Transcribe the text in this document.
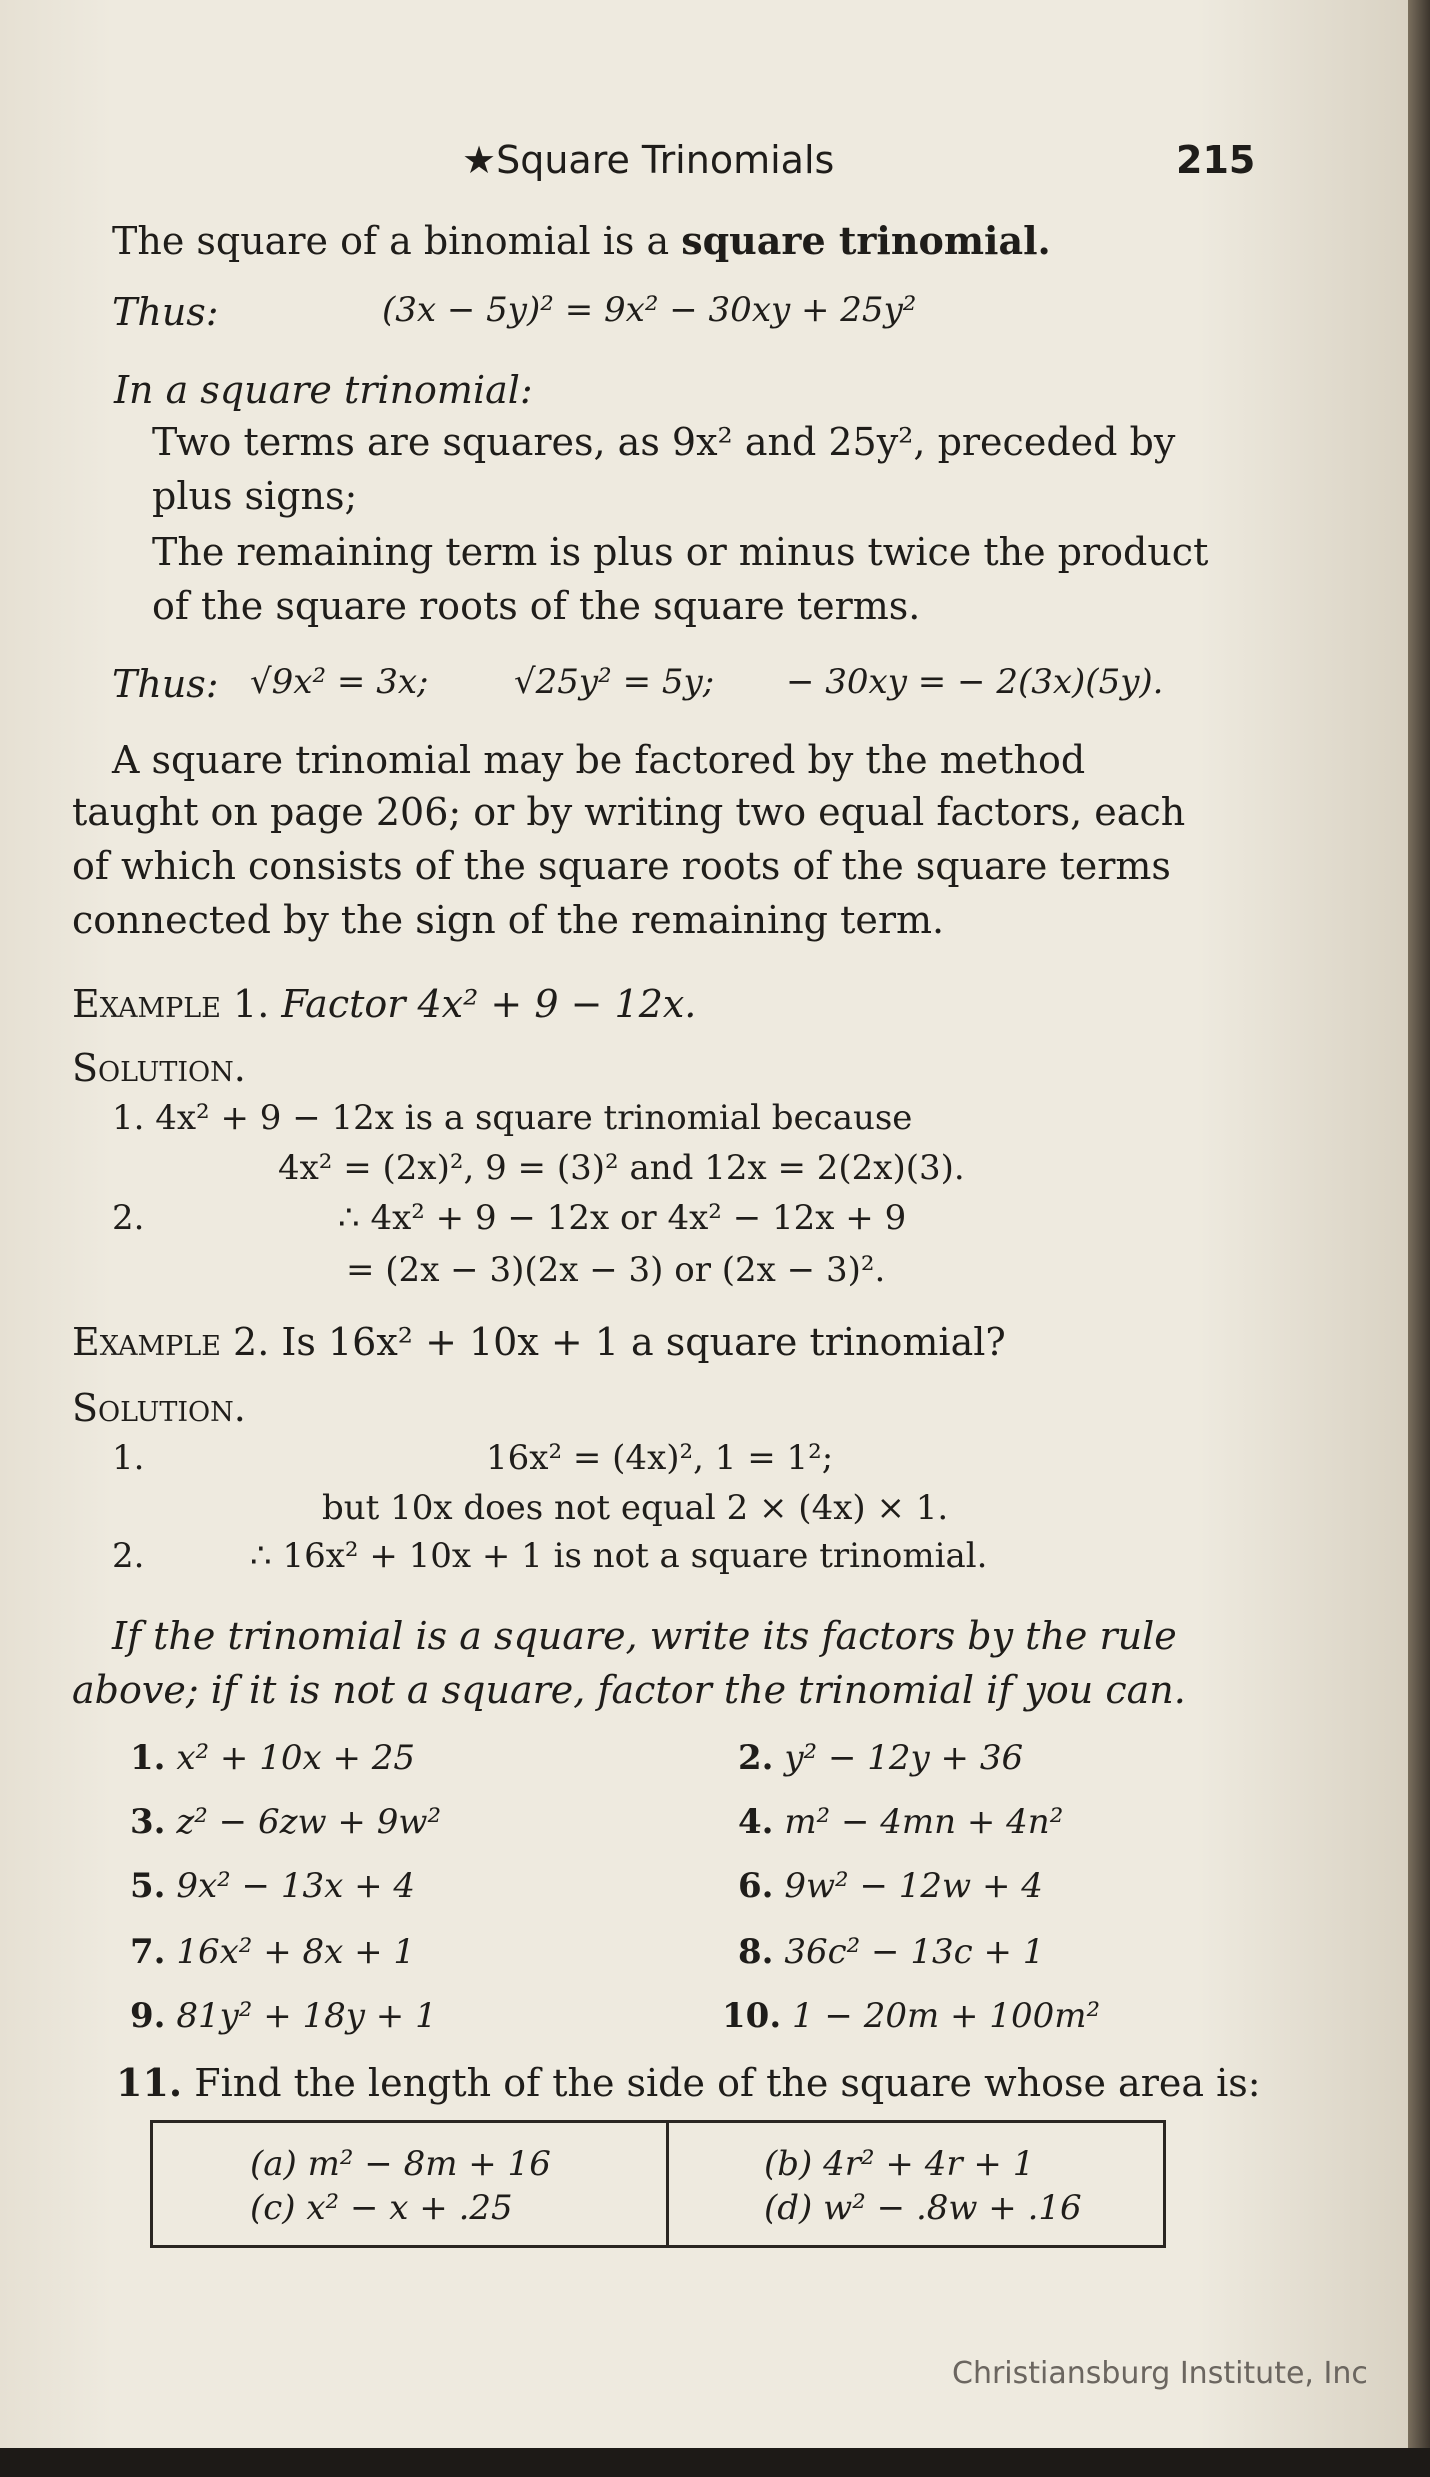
★Square Trinomials	215
The square of a binomial is a square trinomial.
Thus:	(3x − 5y)² = 9x² − 30xy + 25y²
In a square trinomial:
Two terms are squares, as 9x² and 25y², preceded by
plus signs;
The remaining term is plus or minus twice the product
of the square roots of the square terms.
Thus: √9x² = 3x;	√25y² = 5y; − 30xy = − 2(3x)(5y).
A square trinomial may be factored by the method
taught on page 206; or by writing two equal factors, each
of which consists of the square roots of the square terms
connected by the sign of the remaining term.
Example 1. Factor 4x² + 9 − 12x.
Solution.
1. 4x² + 9 − 12x is a square trinomial because
4x² = (2x)², 9 = (3)² and 12x = 2(2x)(3).
2.	∴ 4x² + 9 − 12x or 4x² − 12x + 9
= (2x − 3)(2x − 3) or (2x − 3)².
Example 2. Is 16x² + 10x + 1 a square trinomial?
Solution.
1.	16x² = (4x)², 1 = 1²;
but 10x does not equal 2 × (4x) × 1.
2.	∴ 16x² + 10x + 1 is not a square trinomial.
If the trinomial is a square, write its factors by the rule
above; if it is not a square, factor the trinomial if you can.
1. x² + 10x + 25	2. y² − 12y + 36
3. z² − 6zw + 9w²	4. m² − 4mn + 4n²
5. 9x² − 13x + 4	6. 9w² − 12w + 4
7. 16x² + 8x + 1	8. 36c² − 13c + 1
9. 81y² + 18y + 1	10. 1 − 20m + 100m²
11. Find the length of the side of the square whose area is:
(a) m² − 8m + 16	(b) 4r² + 4r + 1
(c) x² − x + .25	(d) w² − .8w + .16
Christiansburg Institute, Inc
